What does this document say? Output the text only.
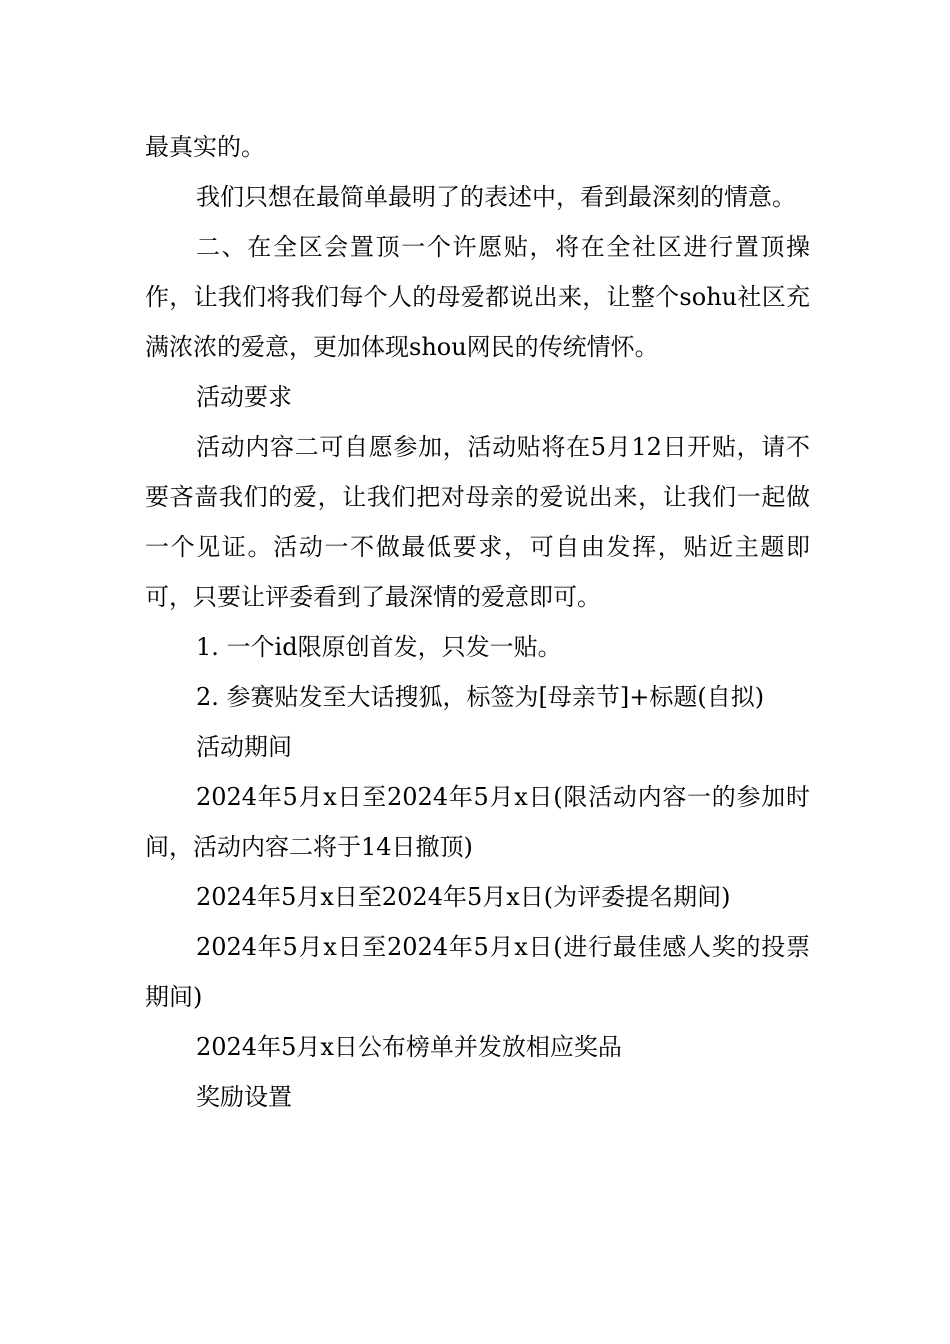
最真实的。

我们只想在最简单最明了的表述中，看到最深刻的情意。

二、在全区会置顶一个许愿贴，将在全社区进行置顶操作，让我们将我们每个人的母爱都说出来，让整个sohu社区充满浓浓的爱意，更加体现shou网民的传统情怀。

活动要求

活动内容二可自愿参加，活动贴将在5月12日开贴，请不要吝啬我们的爱，让我们把对母亲的爱说出来，让我们一起做一个见证。活动一不做最低要求，可自由发挥，贴近主题即可，只要让评委看到了最深情的爱意即可。

1. 一个id限原创首发，只发一贴。

2. 参赛贴发至大话搜狐，标签为[母亲节]+标题(自拟)

活动期间

2024年5月x日至2024年5月x日(限活动内容一的参加时间，活动内容二将于14日撤顶)

2024年5月x日至2024年5月x日(为评委提名期间)

2024年5月x日至2024年5月x日(进行最佳感人奖的投票期间)

2024年5月x日公布榜单并发放相应奖品

奖励设置
